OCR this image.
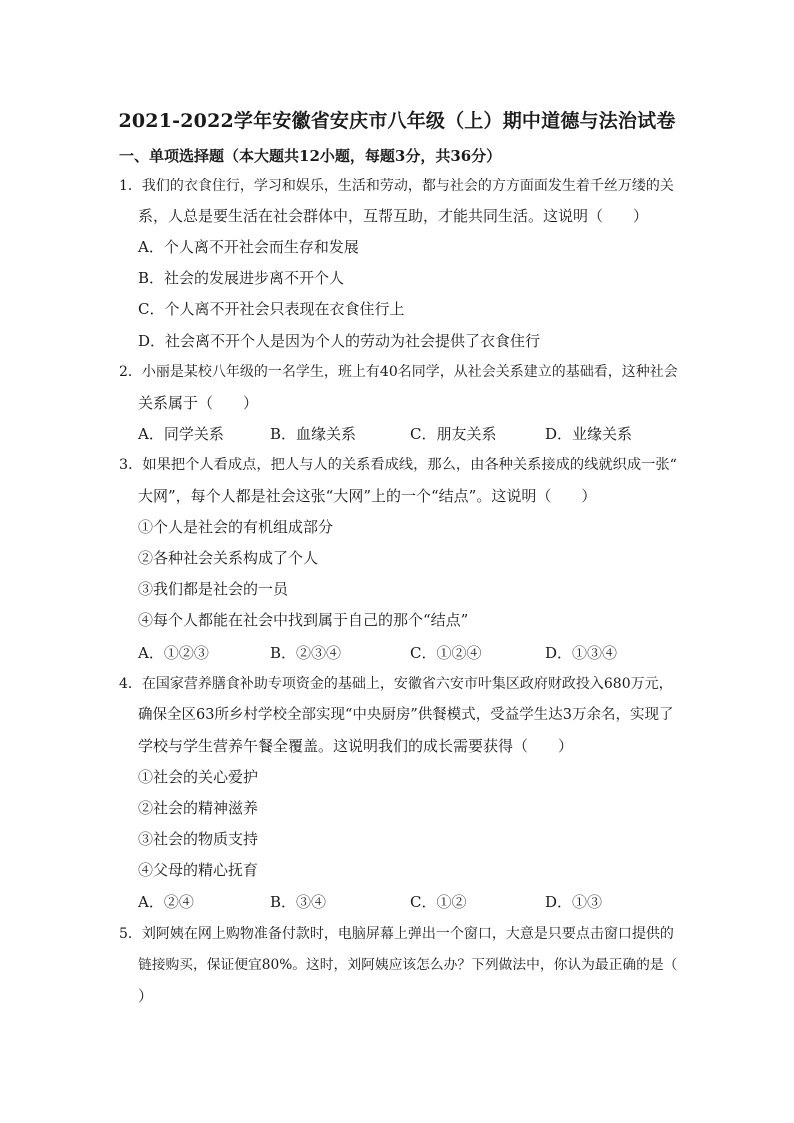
2021-2022学年安徽省安庆市八年级（上）期中道德与法治试卷
一、单项选择题（本大题共12小题，每题3分，共36分）
1．我们的衣食住行，学习和娱乐，生活和劳动，都与社会的方方面面发生着千丝万缕的关
系，人总是要生活在社会群体中，互帮互助，才能共同生活。这说明（　　）
A．个人离不开社会而生存和发展
B．社会的发展进步离不开个人
C．个人离不开社会只表现在衣食住行上
D．社会离不开个人是因为个人的劳动为社会提供了衣食住行
2．小丽是某校八年级的一名学生，班上有40名同学，从社会关系建立的基础看，这种社会
关系属于（　　）
A．同学关系	B．血缘关系	C．朋友关系	D．业缘关系
3．如果把个人看成点，把人与人的关系看成线，那么，由各种关系接成的线就织成一张“
大网”，每个人都是社会这张“大网”上的一个“结点”。这说明（　　）
①个人是社会的有机组成部分
②各种社会关系构成了个人
③我们都是社会的一员
④每个人都能在社会中找到属于自己的那个“结点”
A．①②③	B．②③④	C．①②④	D．①③④
4．在国家营养膳食补助专项资金的基础上，安徽省六安市叶集区政府财政投入680万元，
确保全区63所乡村学校全部实现“中央厨房”供餐模式，受益学生达3万余名，实现了
学校与学生营养午餐全覆盖。这说明我们的成长需要获得（　　）
①社会的关心爱护
②社会的精神滋养
③社会的物质支持
④父母的精心抚育
A．②④	B．③④	C．①②	D．①③
5．刘阿姨在网上购物准备付款时，电脑屏幕上弹出一个窗口，大意是只要点击窗口提供的
链接购买，保证便宜80%。这时，刘阿姨应该怎么办？下列做法中，你认为最正确的是（
）
